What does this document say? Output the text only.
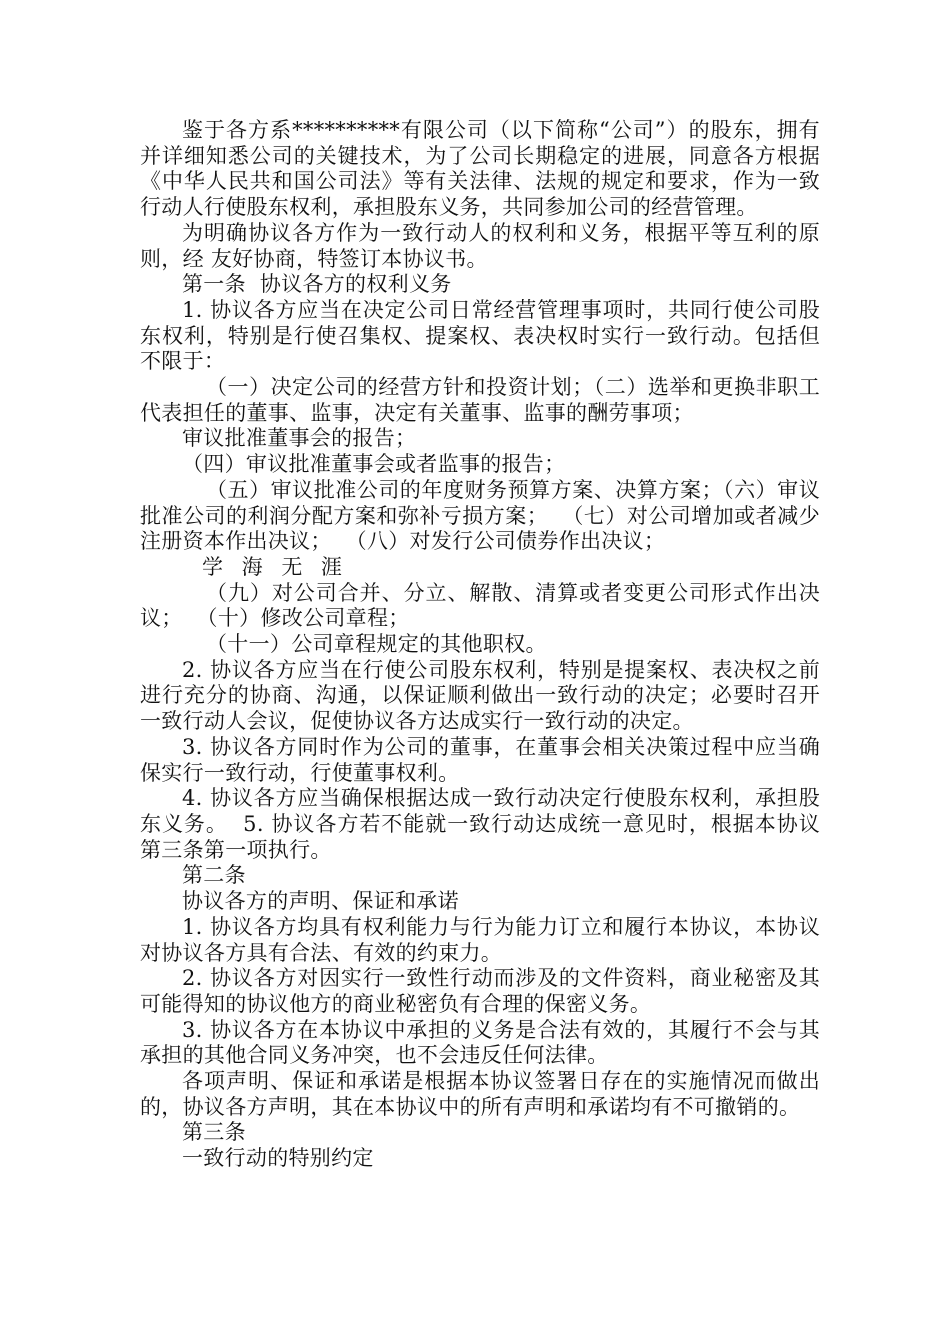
鉴于各方系**********有限公司（以下简称“公司”）的股东，拥有并详细知悉公司的关键技术，为了公司长期稳定的进展，同意各方根据《中华人民共和国公司法》等有关法律、法规的规定和要求，作为一致行动人行使股东权利，承担股东义务，共同参加公司的经营管理。

为明确协议各方作为一致行动人的权利和义务，根据平等互利的原则，经 友好协商，特签订本协议书。

第一条  协议各方的权利义务

1. 协议各方应当在决定公司日常经营管理事项时，共同行使公司股东权利，特别是行使召集权、提案权、表决权时实行一致行动。包括但不限于：

（一）决定公司的经营方针和投资计划；（二）选举和更换非职工代表担任的董事、监事，决定有关董事、监事的酬劳事项；

审议批准董事会的报告；

（四）审议批准董事会或者监事的报告；

（五）审议批准公司的年度财务预算方案、决算方案；（六）审议批准公司的利润分配方案和弥补亏损方案；  （七）对公司增加或者减少注册资本作出决议；  （八）对发行公司债券作出决议；

学 海 无 涯

（九）对公司合并、分立、解散、清算或者变更公司形式作出决议；  （十）修改公司章程；

（十一）公司章程规定的其他职权。

2. 协议各方应当在行使公司股东权利，特别是提案权、表决权之前进行充分的协商、沟通，以保证顺利做出一致行动的决定；必要时召开一致行动人会议，促使协议各方达成实行一致行动的决定。

3. 协议各方同时作为公司的董事，在董事会相关决策过程中应当确保实行一致行动，行使董事权利。

4. 协议各方应当确保根据达成一致行动决定行使股东权利，承担股东义务。  5. 协议各方若不能就一致行动达成统一意见时，根据本协议第三条第一项执行。

第二条

协议各方的声明、保证和承诺

1. 协议各方均具有权利能力与行为能力订立和履行本协议，本协议对协议各方具有合法、有效的约束力。

2. 协议各方对因实行一致性行动而涉及的文件资料，商业秘密及其可能得知的协议他方的商业秘密负有合理的保密义务。

3. 协议各方在本协议中承担的义务是合法有效的，其履行不会与其承担的其他合同义务冲突，也不会违反任何法律。

各项声明、保证和承诺是根据本协议签署日存在的实施情况而做出的，协议各方声明，其在本协议中的所有声明和承诺均有不可撤销的。

第三条

一致行动的特别约定
